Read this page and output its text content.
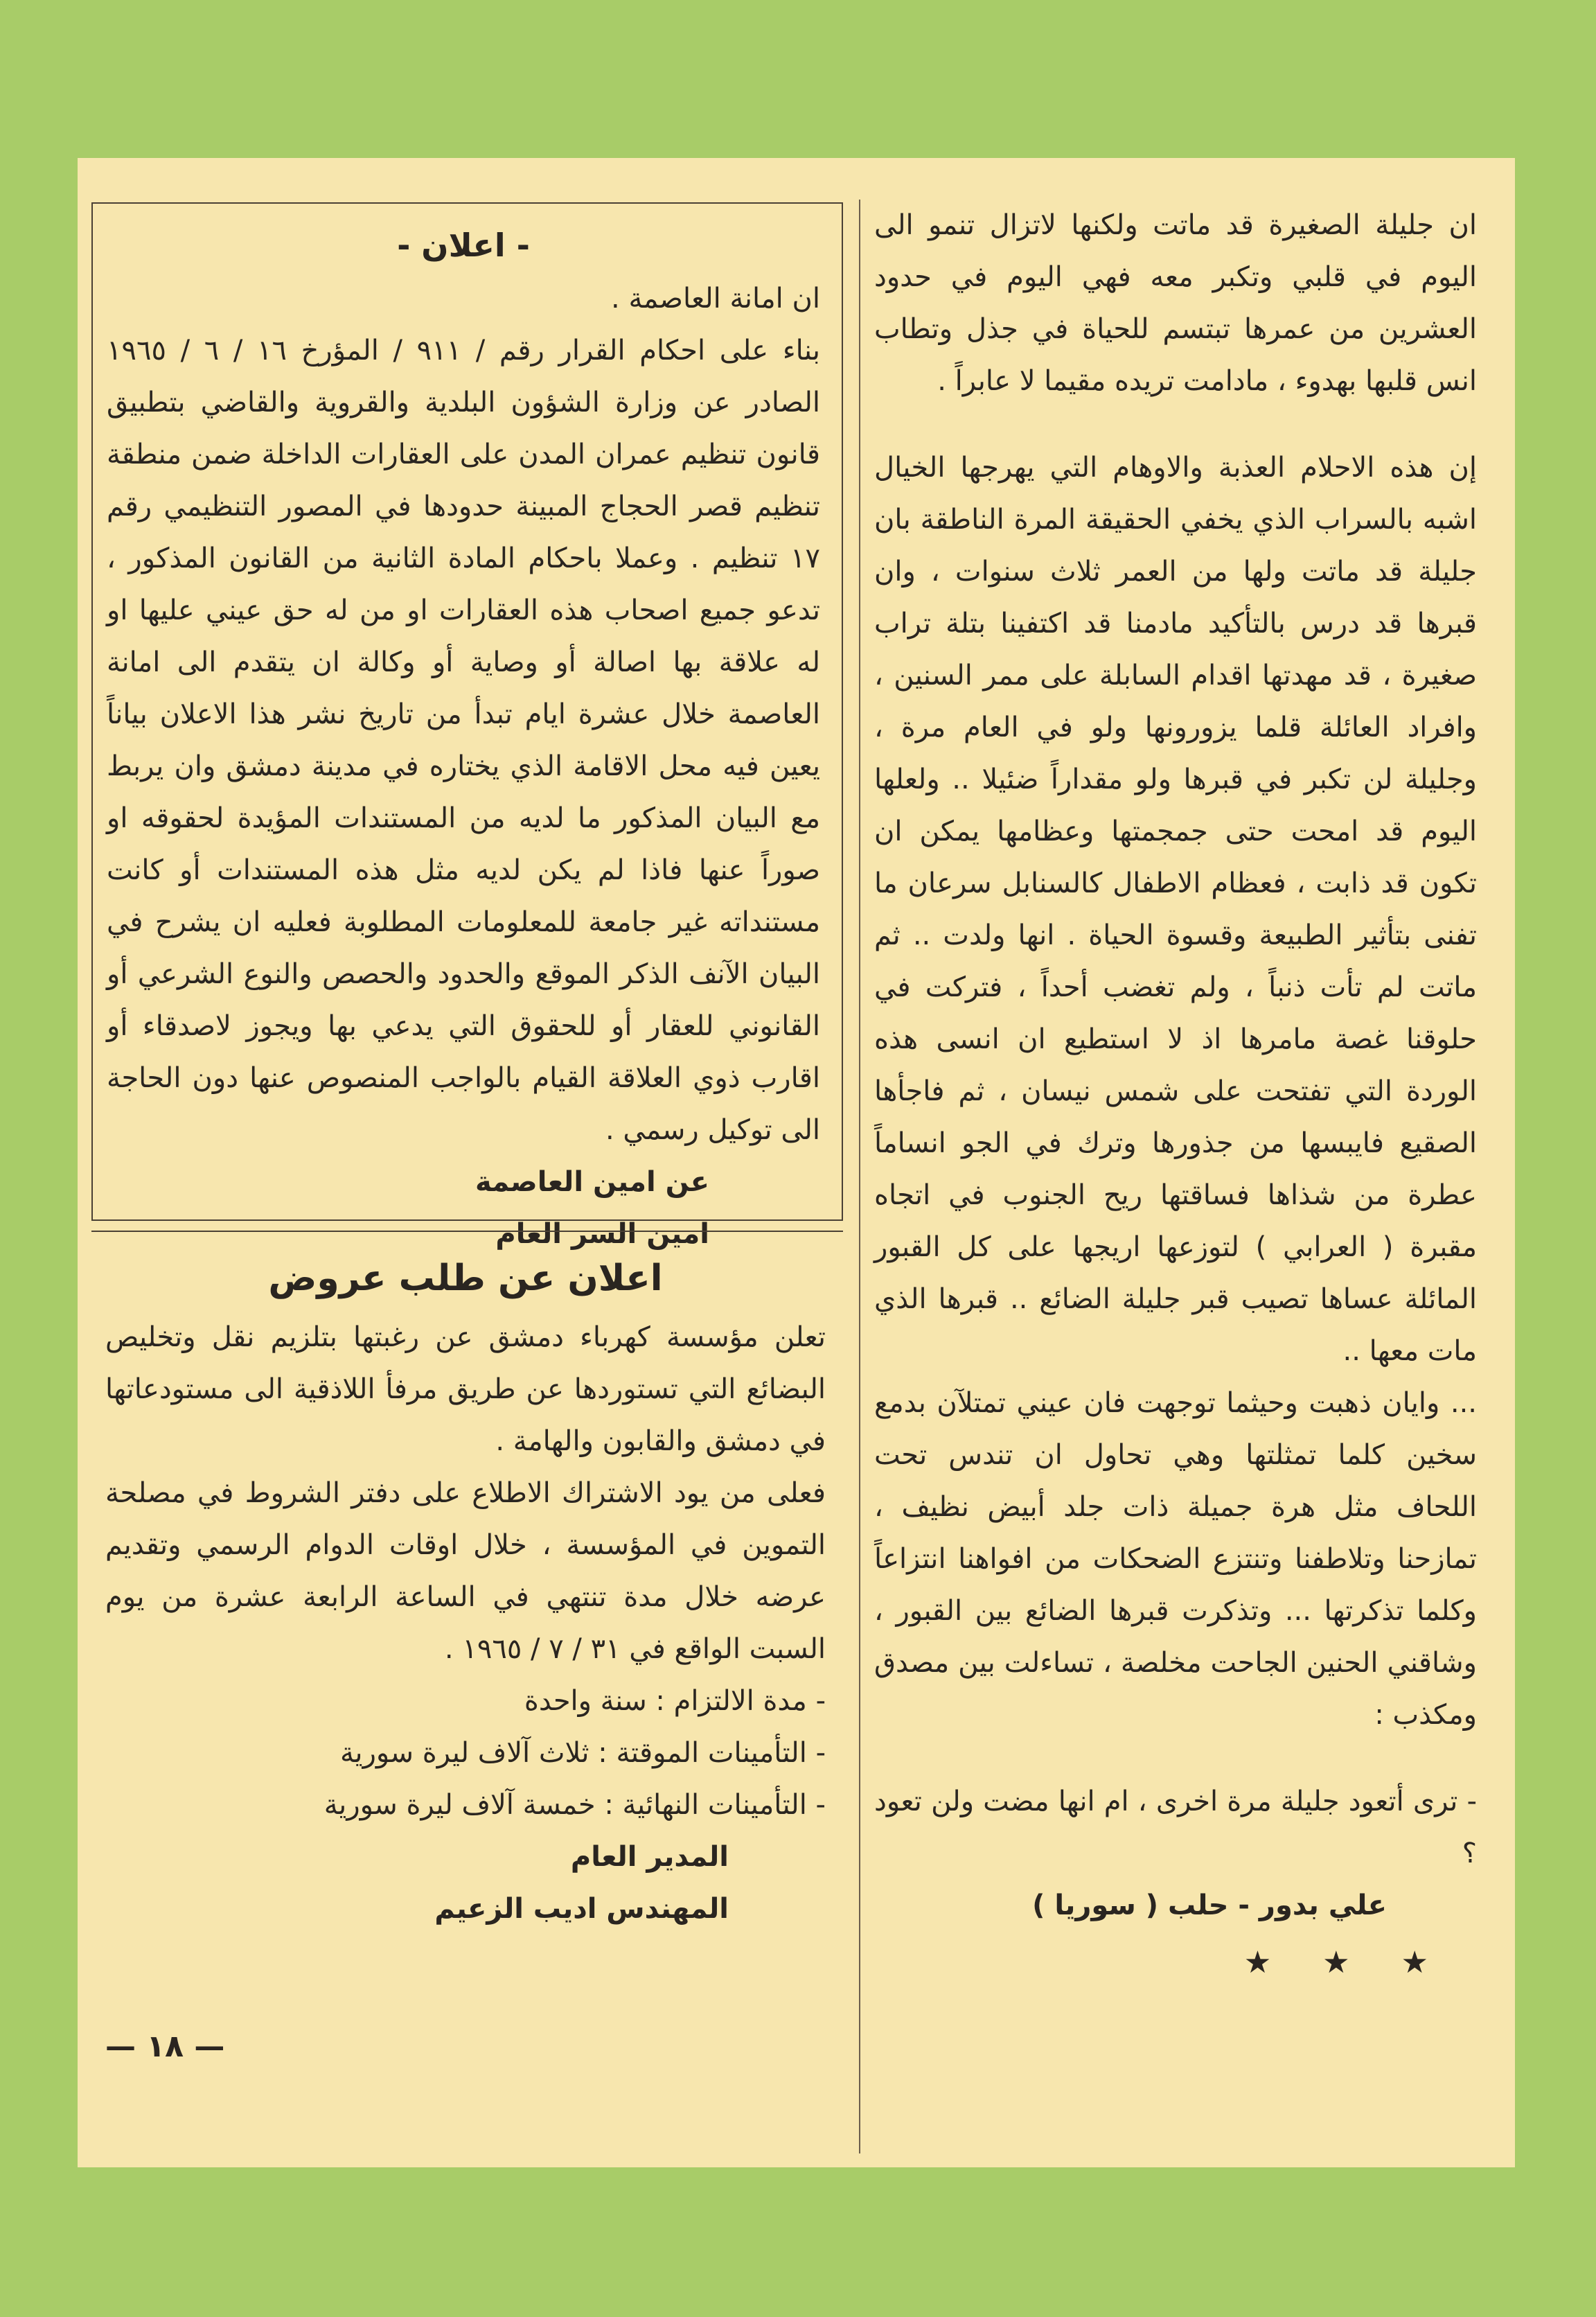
ان جليلة الصغيرة قد ماتت ولكنها لاتزال تنمو الى اليوم في قلبي وتكبر معه فهي اليوم في حدود العشرين من عمرها تبتسم للحياة في جذل وتطاب انس قلبها بهدوء ، مادامت تريده مقيما لا عابراً .

إن هذه الاحلام العذبة والاوهام التي يهرجها الخيال اشبه بالسراب الذي يخفي الحقيقة المرة الناطقة بان جليلة قد ماتت ولها من العمر ثلاث سنوات ، وان قبرها قد درس بالتأكيد مادمنا قد اكتفينا بتلة تراب صغيرة ، قد مهدتها اقدام السابلة على ممر السنين ، وافراد العائلة قلما يزورونها ولو في العام مرة ، وجليلة لن تكبر في قبرها ولو مقداراً ضئيلا .. ولعلها اليوم قد امحت حتى جمجمتها وعظامها يمكن ان تكون قد ذابت ، فعظام الاطفال كالسنابل سرعان ما تفنى بتأثير الطبيعة وقسوة الحياة . انها ولدت .. ثم ماتت لم تأت ذنباً ، ولم تغضب أحداً ، فتركت في حلوقنا غصة مامرها اذ لا استطيع ان انسى هذه الوردة التي تفتحت على شمس نيسان ، ثم فاجأها الصقيع فايبسها من جذورها وترك في الجو انساماً عطرة من شذاها فساقتها ريح الجنوب في اتجاه مقبرة ( العرابي ) لتوزعها اريجها على كل القبور المائلة عساها تصيب قبر جليلة الضائع .. قبرها الذي مات معها ..

... وايان ذهبت وحيثما توجهت فان عيني تمتلآن بدمع سخين كلما تمثلتها وهي تحاول ان تندس تحت اللحاف مثل هرة جميلة ذات جلد أبيض نظيف ، تمازحنا وتلاطفنا وتنتزع الضحكات من افواهنا انتزاعاً وكلما تذكرتها ... وتذكرت قبرها الضائع بين القبور ، وشاقني الحنين الجاحت مخلصة ، تساءلت بين مصدق ومكذب :

- ترى أتعود جليلة مرة اخرى ، ام انها مضت ولن تعود ؟

علي بدور - حلب ( سوريا )

★ ★ ★

- اعلان -

ان امانة العاصمة .

بناء على احكام القرار رقم / ٩١١ / المؤرخ ١٦ / ٦ / ١٩٦٥ الصادر عن وزارة الشؤون البلدية والقروية والقاضي بتطبيق قانون تنظيم عمران المدن على العقارات الداخلة ضمن منطقة تنظيم قصر الحجاج المبينة حدودها في المصور التنظيمي رقم ١٧ تنظيم . وعملا باحكام المادة الثانية من القانون المذكور ، تدعو جميع اصحاب هذه العقارات او من له حق عيني عليها او له علاقة بها اصالة أو وصاية أو وكالة ان يتقدم الى امانة العاصمة خلال عشرة ايام تبدأ من تاريخ نشر هذا الاعلان بياناً يعين فيه محل الاقامة الذي يختاره في مدينة دمشق وان يربط مع البيان المذكور ما لديه من المستندات المؤيدة لحقوقه او صوراً عنها فاذا لم يكن لديه مثل هذه المستندات أو كانت مستنداته غير جامعة للمعلومات المطلوبة فعليه ان يشرح في البيان الآنف الذكر الموقع والحدود والحصص والنوع الشرعي أو القانوني للعقار أو للحقوق التي يدعي بها ويجوز لاصدقاء أو اقارب ذوي العلاقة القيام بالواجب المنصوص عنها دون الحاجة الى توكيل رسمي .

عن امين العاصمة

امين السر العام

اعلان عن طلب عروض

تعلن مؤسسة كهرباء دمشق عن رغبتها بتلزيم نقل وتخليص البضائع التي تستوردها عن طريق مرفأ اللاذقية الى مستودعاتها في دمشق والقابون والهامة .

فعلى من يود الاشتراك الاطلاع على دفتر الشروط في مصلحة التموين في المؤسسة ، خلال اوقات الدوام الرسمي وتقديم عرضه خلال مدة تنتهي في الساعة الرابعة عشرة من يوم السبت الواقع في ٣١ / ٧ / ١٩٦٥ .

- مدة الالتزام : سنة واحدة

- التأمينات الموقتة : ثلاث آلاف ليرة سورية

- التأمينات النهائية : خمسة آلاف ليرة سورية

المدير العام

المهندس اديب الزعيم

— ١٨ —
